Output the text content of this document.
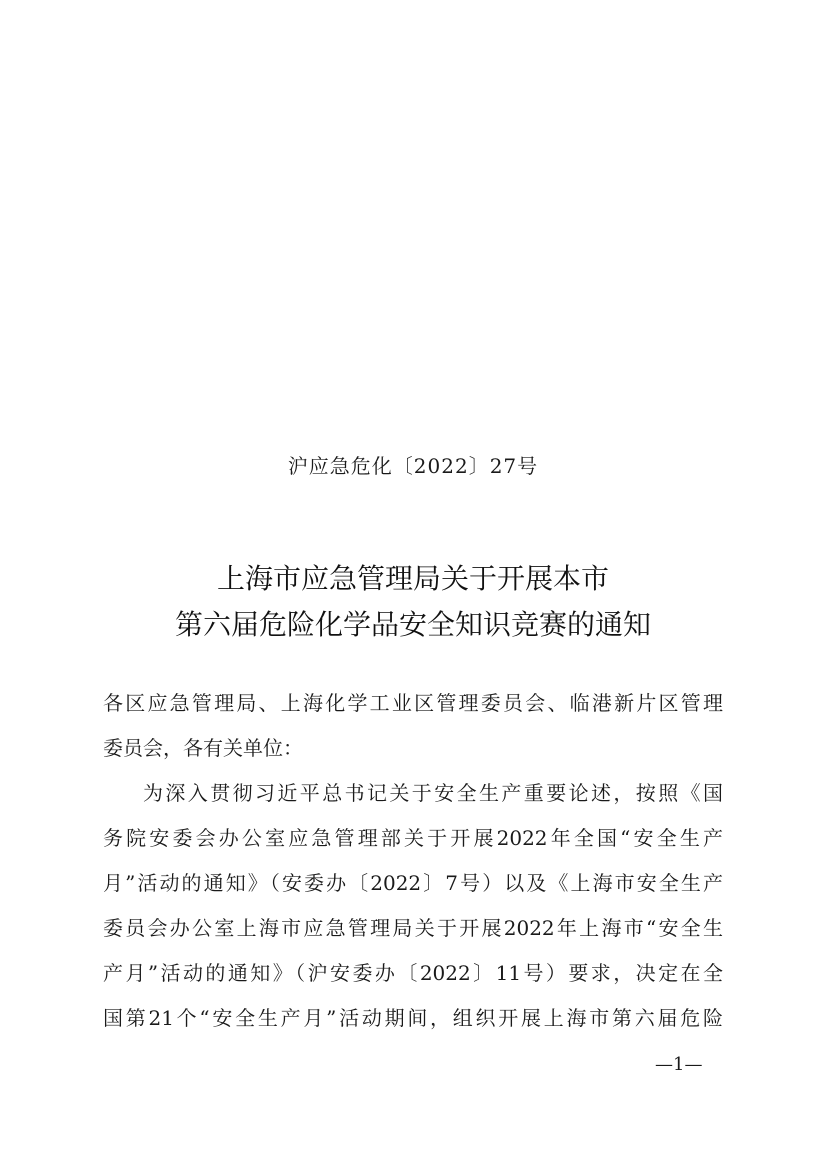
沪应急危化〔2022〕27号
上海市应急管理局关于开展本市
第六届危险化学品安全知识竞赛的通知
各区应急管理局、上海化学工业区管理委员会、临港新片区管理
委员会，各有关单位：
为深入贯彻习近平总书记关于安全生产重要论述，按照《国
务院安委会办公室应急管理部关于开展2022年全国“安全生产
月”活动的通知》（安委办〔2022〕7号）以及《上海市安全生产
委员会办公室上海市应急管理局关于开展2022年上海市“安全生
产月”活动的通知》（沪安委办〔2022〕11号）要求，决定在全
国第21个“安全生产月”活动期间，组织开展上海市第六届危险
—1—
